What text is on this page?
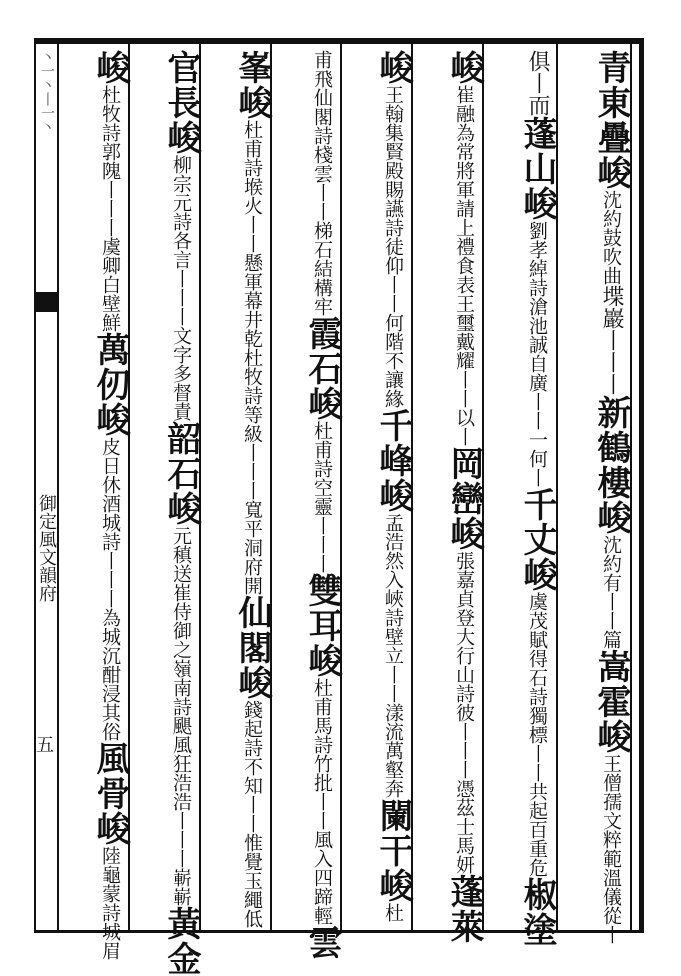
⼂⼀⼂⼁⼀⼂
御定風文韻府
五
青東疊峻沈約鼓吹曲堞巖丨丨丨新鶴樓峻沈約有丨丨篇嵩霍峻王僧孺文粹範溫儀從丨
俱丨而蓬山峻劉孝綽詩滄池誠自廣丨丨一何丨千丈峻虞茂賦得石詩獨標丨丨共起百重危椒塗
峻崔融為常將軍請上禮食表王璽戴耀丨丨以丨岡巒峻張嘉貞登大行山詩彼丨丨丨憑茲士馬妍蓬萊
峻王翰集賢殿賜讌詩徒仰丨丨何階不讓緣千峰峻孟浩然入峽詩壁立丨丨漾流萬壑奔闌干峻杜
甫飛仙閣詩棧雲丨丨梯石結構牢霞石峻杜甫詩空靈丨丨丨雙耳峻杜甫馬詩竹批丨丨風入四蹄輕雲
峯峻杜甫詩堠火丨丨懸軍幕井乾杜牧詩等級丨丨丨寬平洞府開仙閣峻錢起詩不知丨丨惟覺玉繩低
官長峻柳宗元詩各言丨丨丨文字多督責韶石峻元稹送崔侍御之嶺南詩颶風狂浩浩丨丨丨嶄嶄黃金
峻杜牧詩郭隗丨丨丨虞卿白壁鮮萬仞峻皮日休酒城詩丨丨丨為城沉酣浸其俗風骨峻陸龜蒙詩城眉
